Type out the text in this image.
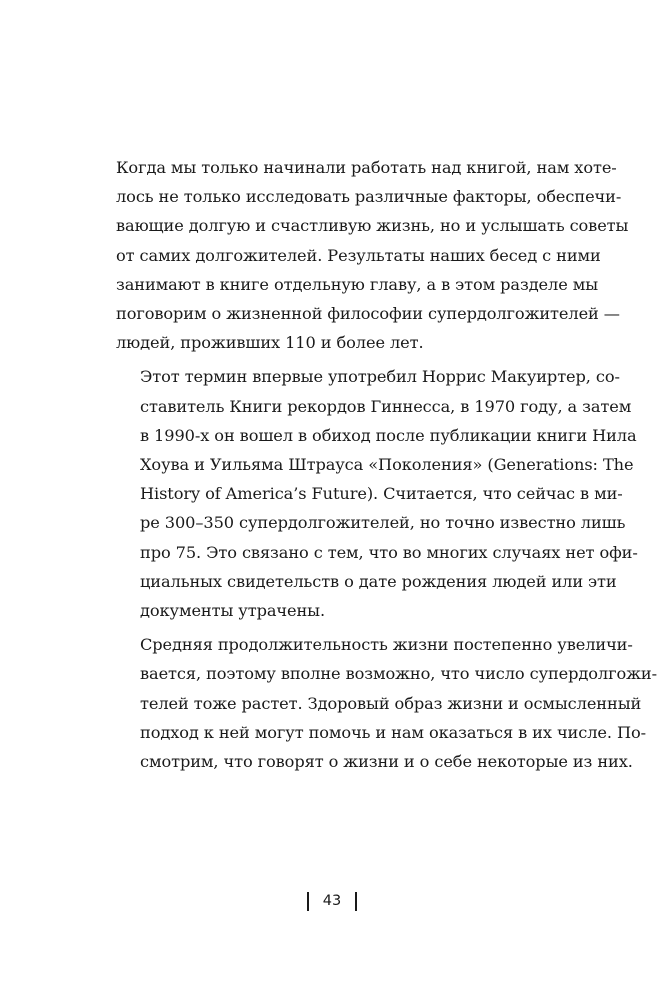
Когда мы только начинали работать над книгой, нам хоте-
лось не только исследовать различные факторы, обеспечи-
вающие долгую и счастливую жизнь, но и услышать советы
от самих долгожителей. Результаты наших бесед с ними
занимают в книге отдельную главу, а в этом разделе мы
поговорим о жизненной философии супердолгожителей —
людей, проживших 110 и более лет.

Этот термин впервые употребил Норрис Макуиртер, со-
ставитель Книги рекордов Гиннесса, в 1970 году, а затем
в 1990-х он вошел в обиход после публикации книги Нила
Хоува и Уильяма Штрауса «Поколения» (Generations: The
History of America’s Future). Считается, что сейчас в ми-
ре 300–350 супердолгожителей, но точно известно лишь
про 75. Это связано с тем, что во многих случаях нет офи-
циальных свидетельств о дате рождения людей или эти
документы утрачены.

Средняя продолжительность жизни постепенно увеличи-
вается, поэтому вполне возможно, что число супердолгожи-
телей тоже растет. Здоровый образ жизни и осмысленный
подход к ней могут помочь и нам оказаться в их числе. По-
смотрим, что говорят о жизни и о себе некоторые из них.

43
